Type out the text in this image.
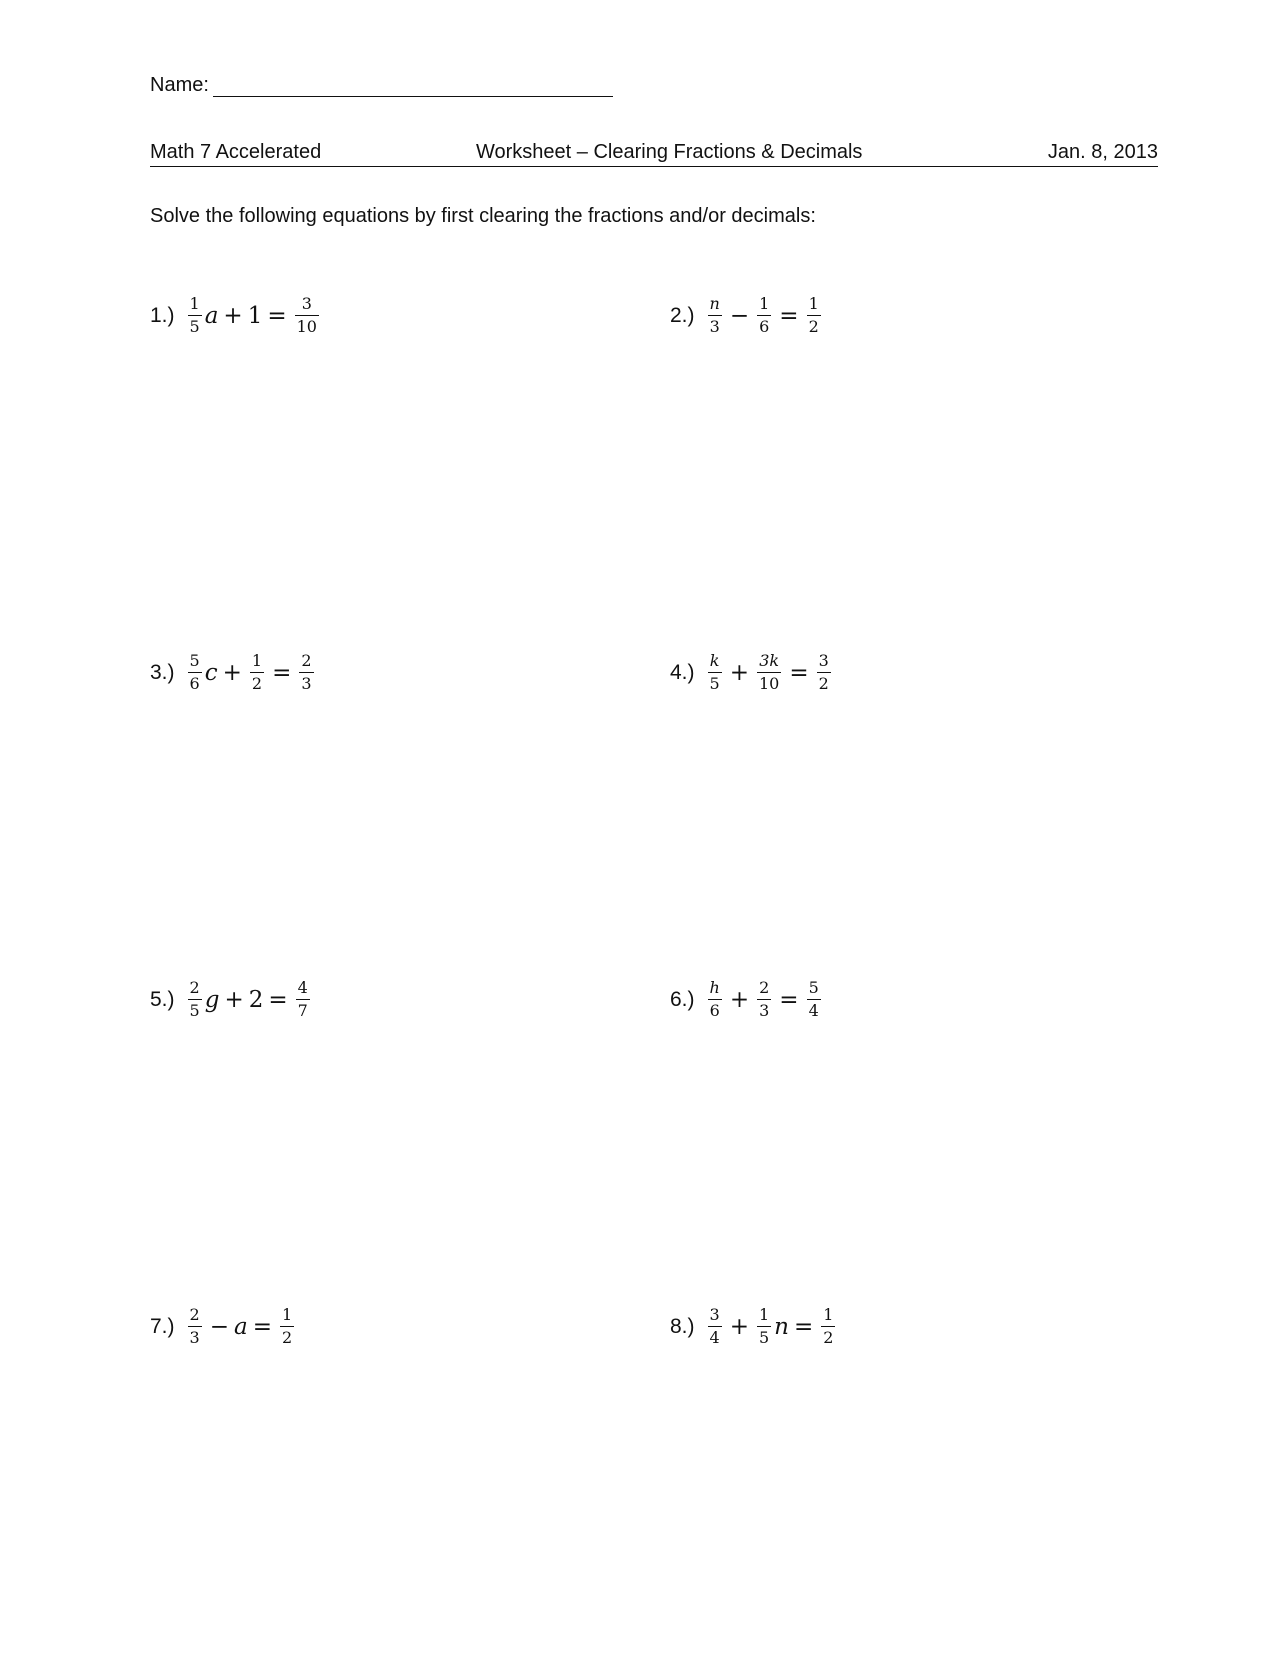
Name:
Math 7 Accelerated	Worksheet – Clearing Fractions & Decimals	Jan. 8, 2013
Solve the following equations by first clearing the fractions and/or decimals:
$1.) \frac{1}{5}$ $a + 1 = \frac{3}{10}$	$2.) \frac{n}{3} - \frac{1}{6} = \frac{1}{2}$
$3.) \frac{5}{6}$ $c + \frac{1}{2} = \frac{2}{3}$	$4.) \frac{k}{5} + \frac{3k}{10} = \frac{3}{2}$
$5.) \frac{2}{5}$ $g + 2 = \frac{4}{7}$	$6.) \frac{h}{6} + \frac{2}{3} = \frac{5}{4}$
$7.) \frac{2}{3} - a = \frac{1}{2}$	$8.) \frac{3}{4} + \frac{1}{5}$ $n = \frac{1}{2}$
